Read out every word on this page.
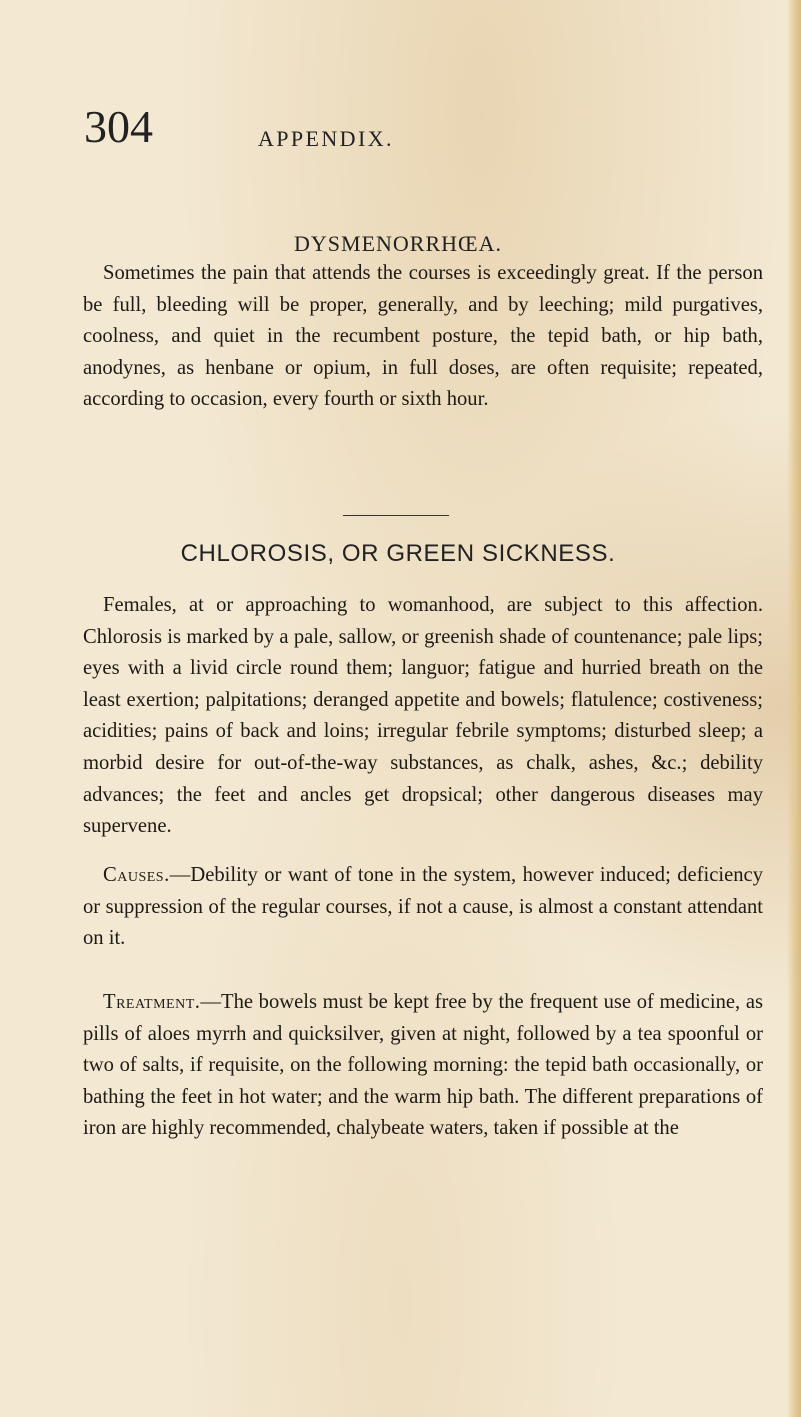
304	APPENDIX.
DYSMENORRHŒA.

Sometimes the pain that attends the courses is exceedingly great. If the person be full, bleeding will be proper, generally, and by leeching; mild purgatives, coolness, and quiet in the recumbent posture, the tepid bath, or hip bath, anodynes, as henbane or opium, in full doses, are often requisite; repeated, according to occasion, every fourth or sixth hour.

CHLOROSIS, OR GREEN SICKNESS.

Females, at or approaching to womanhood, are subject to this affection. Chlorosis is marked by a pale, sallow, or greenish shade of countenance; pale lips; eyes with a livid circle round them; languor; fatigue and hurried breath on the least exertion; palpitations; deranged appetite and bowels; flatulence; costiveness; acidities; pains of back and loins; irregular febrile symptoms; disturbed sleep; a morbid desire for out-of-the-way substances, as chalk, ashes, &c.; debility advances; the feet and ancles get dropsical; other dangerous diseases may supervene.

Causes.—Debility or want of tone in the system, however induced; deficiency or suppression of the regular courses, if not a cause, is almost a constant attendant on it.

Treatment.—The bowels must be kept free by the frequent use of medicine, as pills of aloes myrrh and quicksilver, given at night, followed by a tea spoonful or two of salts, if requisite, on the following morning: the tepid bath occasionally, or bathing the feet in hot water; and the warm hip bath. The different preparations of iron are highly recommended, chalybeate waters, taken if possible at the
